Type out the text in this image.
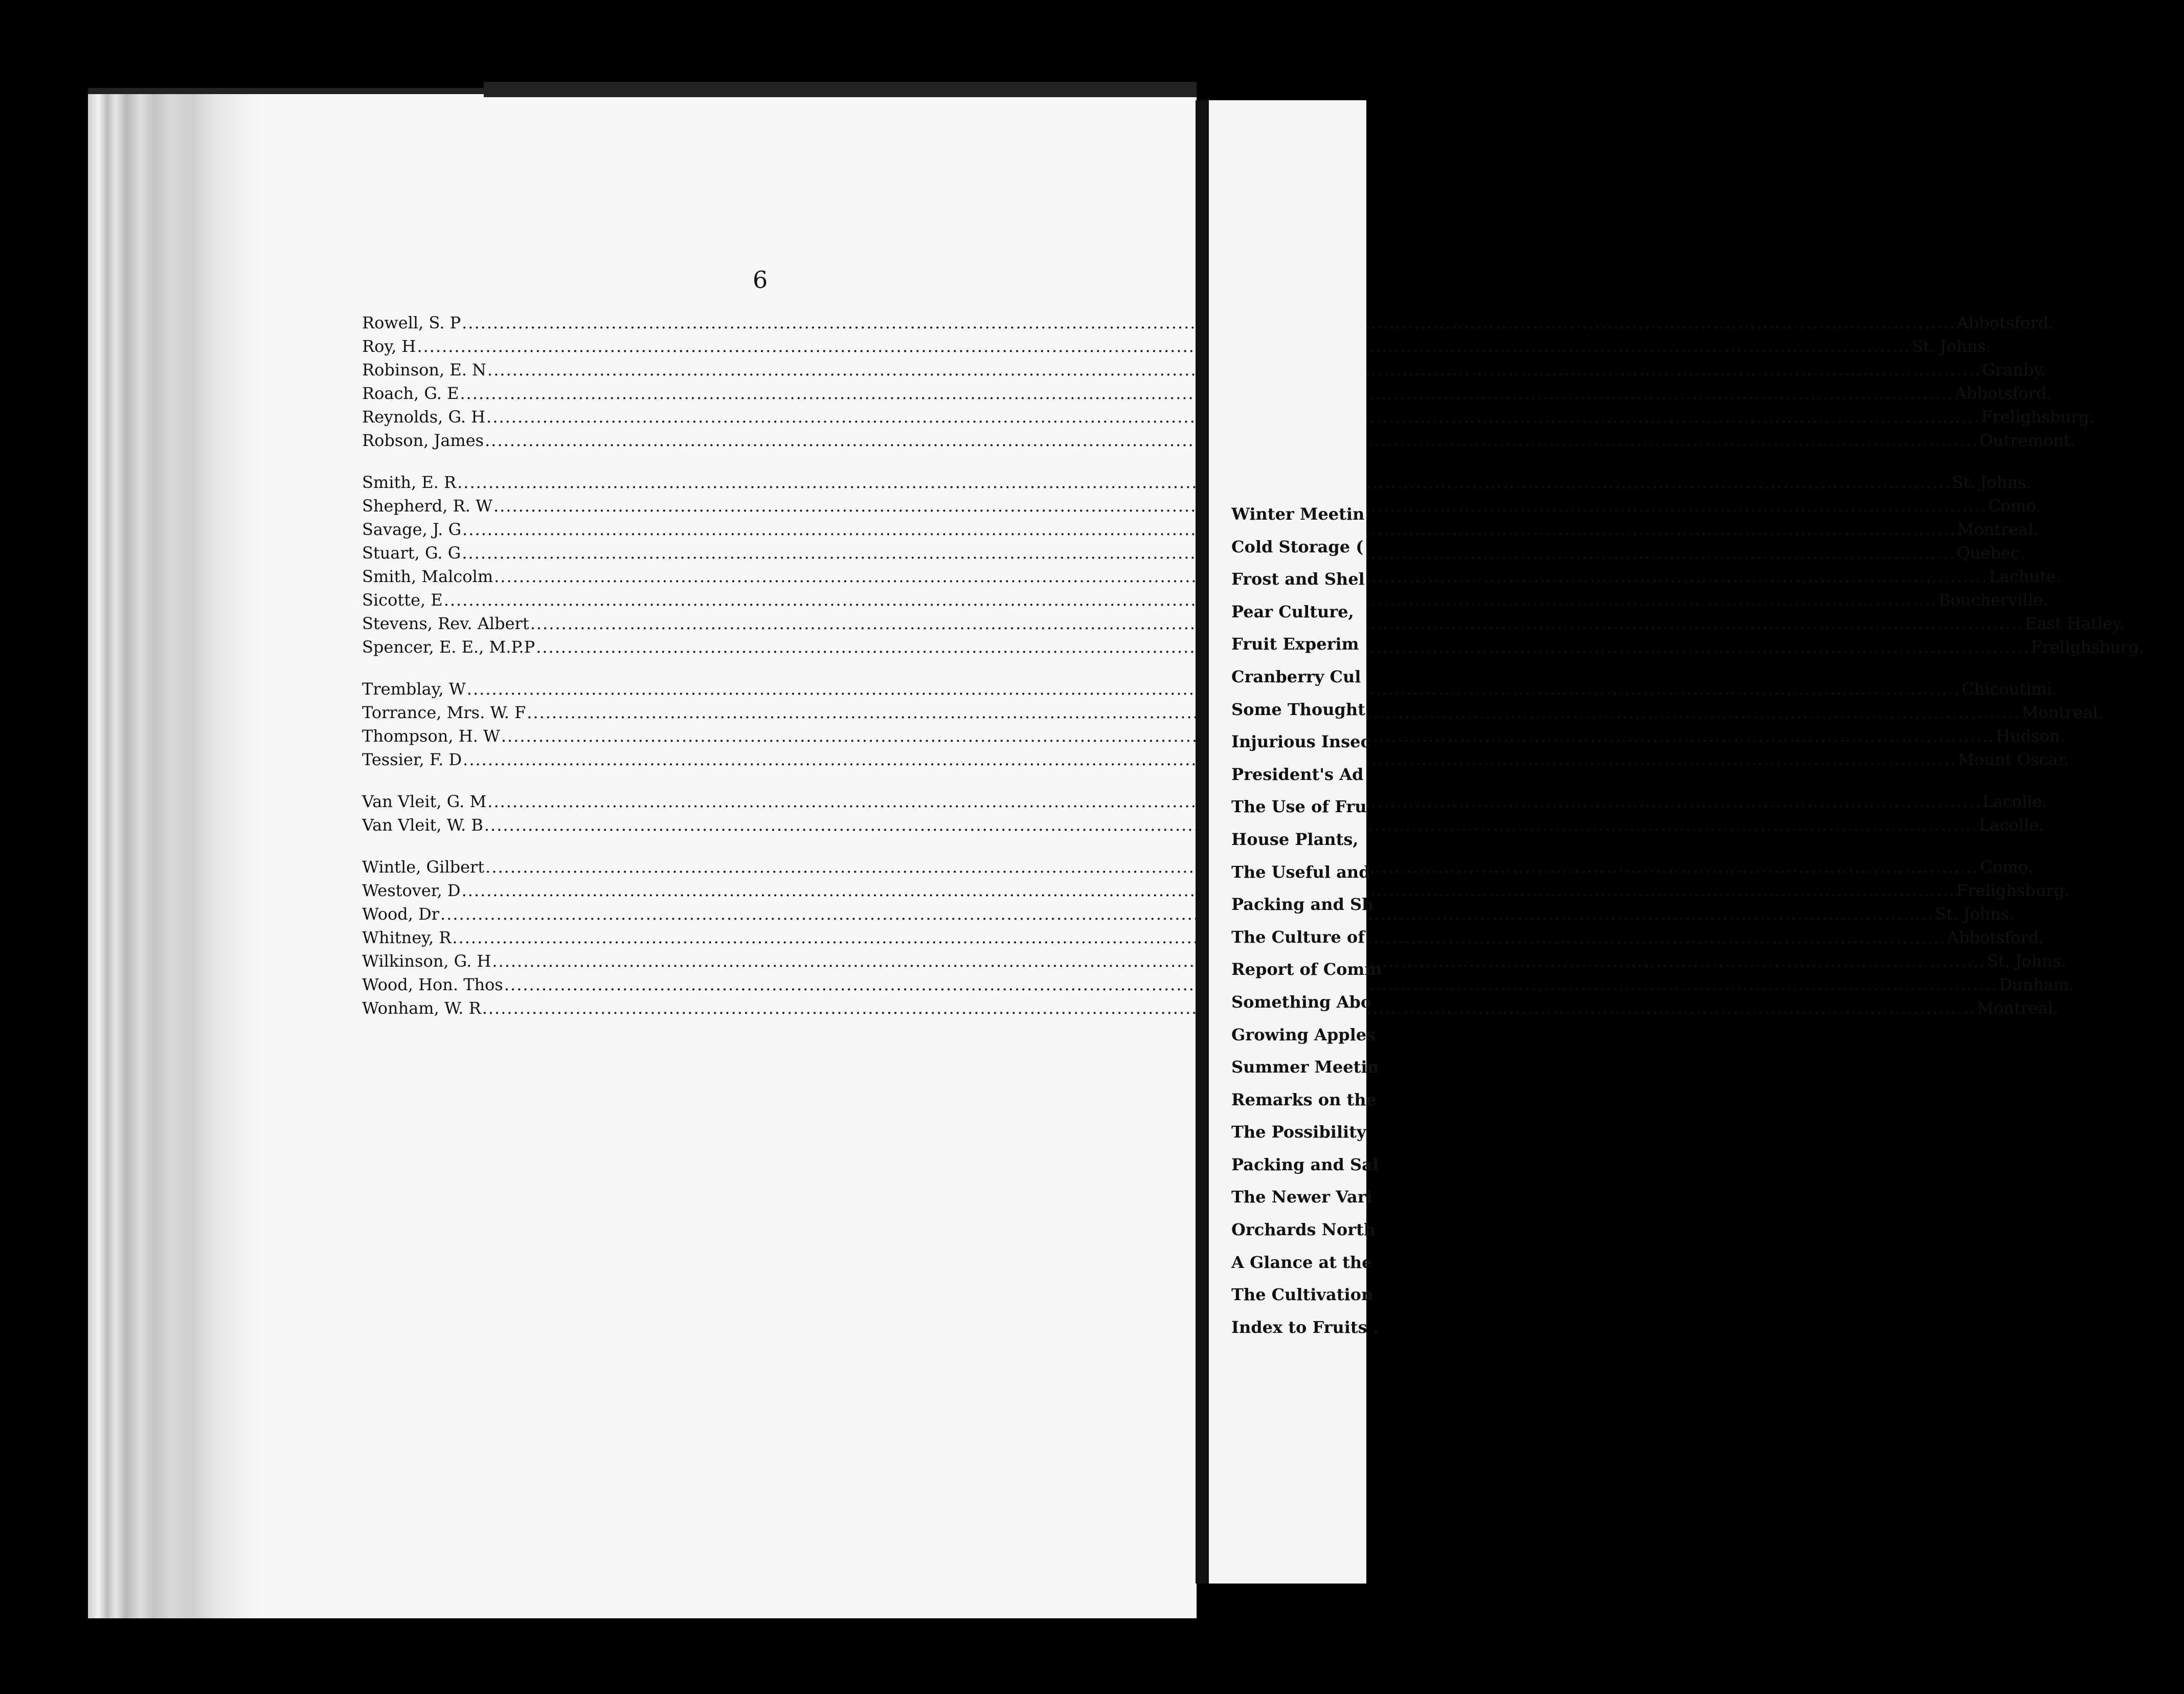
6
Rowell, S. P .....	Abbotsford.
Roy, H .....	St. Johns.
Robinson, E. N .....	Granby.
Roach, G. E .....	Abbotsford.
Reynolds, G. H .....	Frelighsburg.
Robson, James .....	Outremont.
Smith, E. R .....	St. Johns.
Shepherd, R. W .....	Como.
Savage, J. G .....	Montreal.
Stuart, G. G .....	Quebec.
Smith, Malcolm .....	Lachute.
Sicotte, E .....	Boucherville.
Stevens, Rev. Albert .....	East Hatley.
Spencer, E. E., M.P.P .....	Frelighsburg.
Tremblay, W .....	Chicoutimi.
Torrance, Mrs. W. F .....	Montreal.
Thompson, H. W .....	Hudson.
Tessier, F. D .....	Mount Oscar.
Van Vleit, G. M .....	Lacolle.
Van Vleit, W. B .....	Lacolle.
Wintle, Gilbert .....	Como.
Westover, D .....	Frelighsburg.
Wood, Dr .....	St. Johns.
Whitney, R .....	Abbotsford.
Wilkinson, G. H .....	St. Johns.
Wood, Hon. Thos .....	Dunham.
Wonham, W. R .....	Montreal.
Winter Meetin
Cold Storage (
Frost and Shel
Pear Culture,
Fruit Experim
Cranberry Cul
Some Thought
Injurious Insec
President's Ad
The Use of Fru
House Plants,
The Useful and
Packing and Sh
The Culture of
Report of Comm
Something Abo
Growing Apples
Summer Meetin
Remarks on the
The Possibility
Packing and Sal
The Newer Vari
Orchards North
A Glance at the
The Cultivation
Index to Fruits .
